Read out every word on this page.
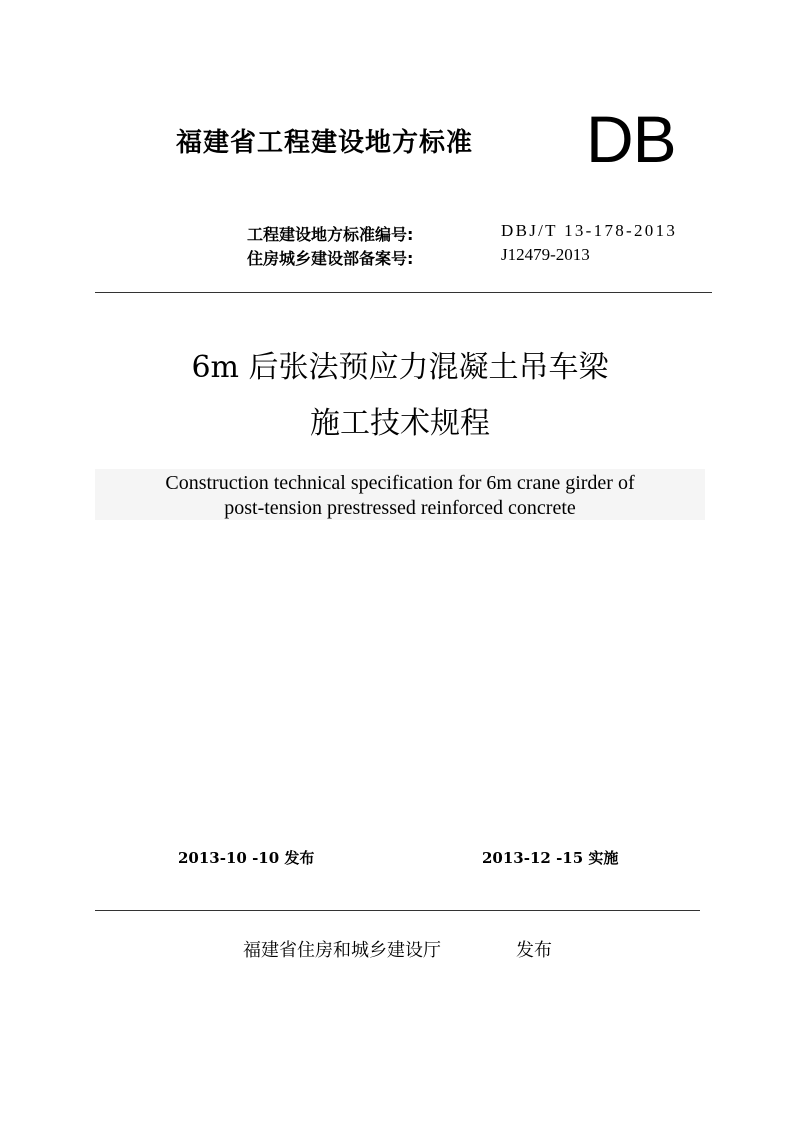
福建省工程建设地方标准 DB
工程建设地方标准编号:	DBJ/T 13-178-2013
住房城乡建设部备案号:	J12479-2013
6m 后张法预应力混凝土吊车梁
施工技术规程
Construction technical specification for 6m crane girder of
post-tension prestressed reinforced concrete
2013-10 -10 发布	2013-12 -15 实施
福建省住房和城乡建设厅	发布
